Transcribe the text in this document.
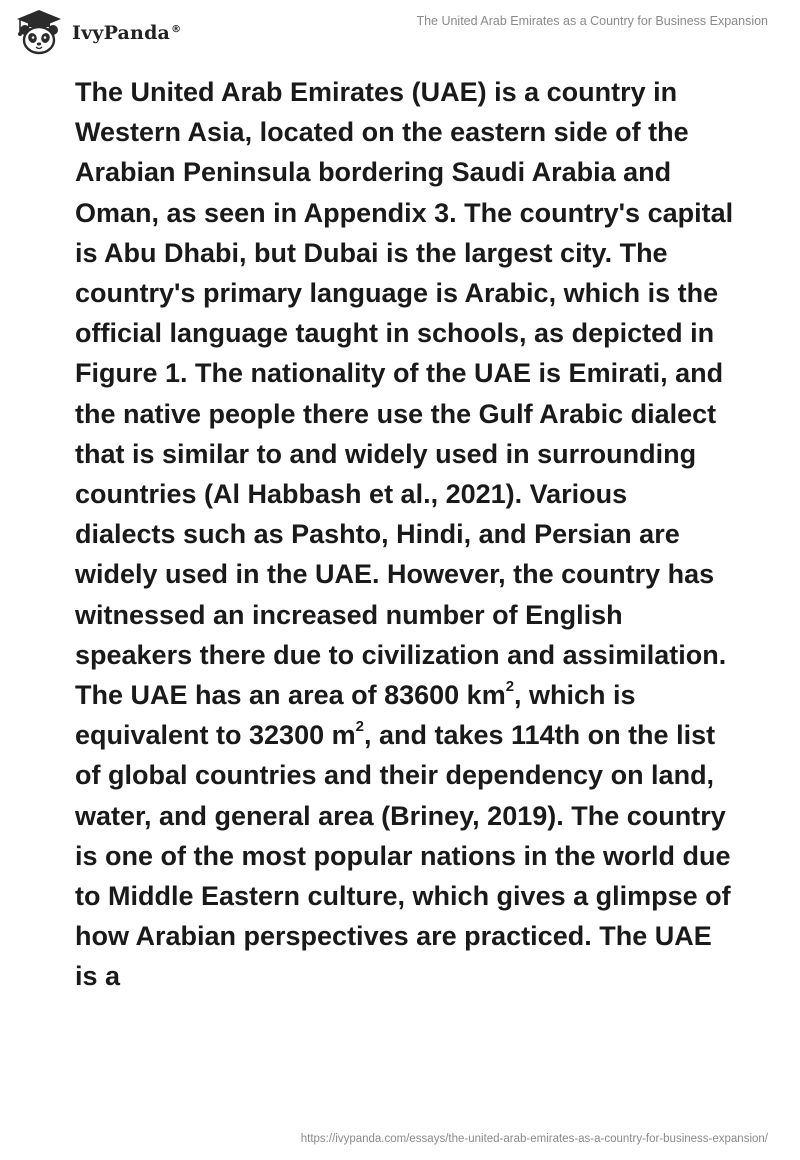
IvyPanda®
The United Arab Emirates as a Country for Business Expansion

The United Arab Emirates (UAE) is a country in Western Asia, located on the eastern side of the Arabian Peninsula bordering Saudi Arabia and Oman, as seen in Appendix 3. The country's capital is Abu Dhabi, but Dubai is the largest city. The country's primary language is Arabic, which is the official language taught in schools, as depicted in Figure 1. The nationality of the UAE is Emirati, and the native people there use the Gulf Arabic dialect that is similar to and widely used in surrounding countries (Al Habbash et al., 2021). Various dialects such as Pashto, Hindi, and Persian are widely used in the UAE. However, the country has witnessed an increased number of English speakers there due to civilization and assimilation. The UAE has an area of 83600 $km^2$, which is equivalent to 32300 $m^2$, and takes 114th on the list of global countries and their dependency on land, water, and general area (Briney, 2019). The country is one of the most popular nations in the world due to Middle Eastern culture, which gives a glimpse of how Arabian perspectives are practiced. The UAE is a

https://ivypanda.com/essays/the-united-arab-emirates-as-a-country-for-business-expansion/
